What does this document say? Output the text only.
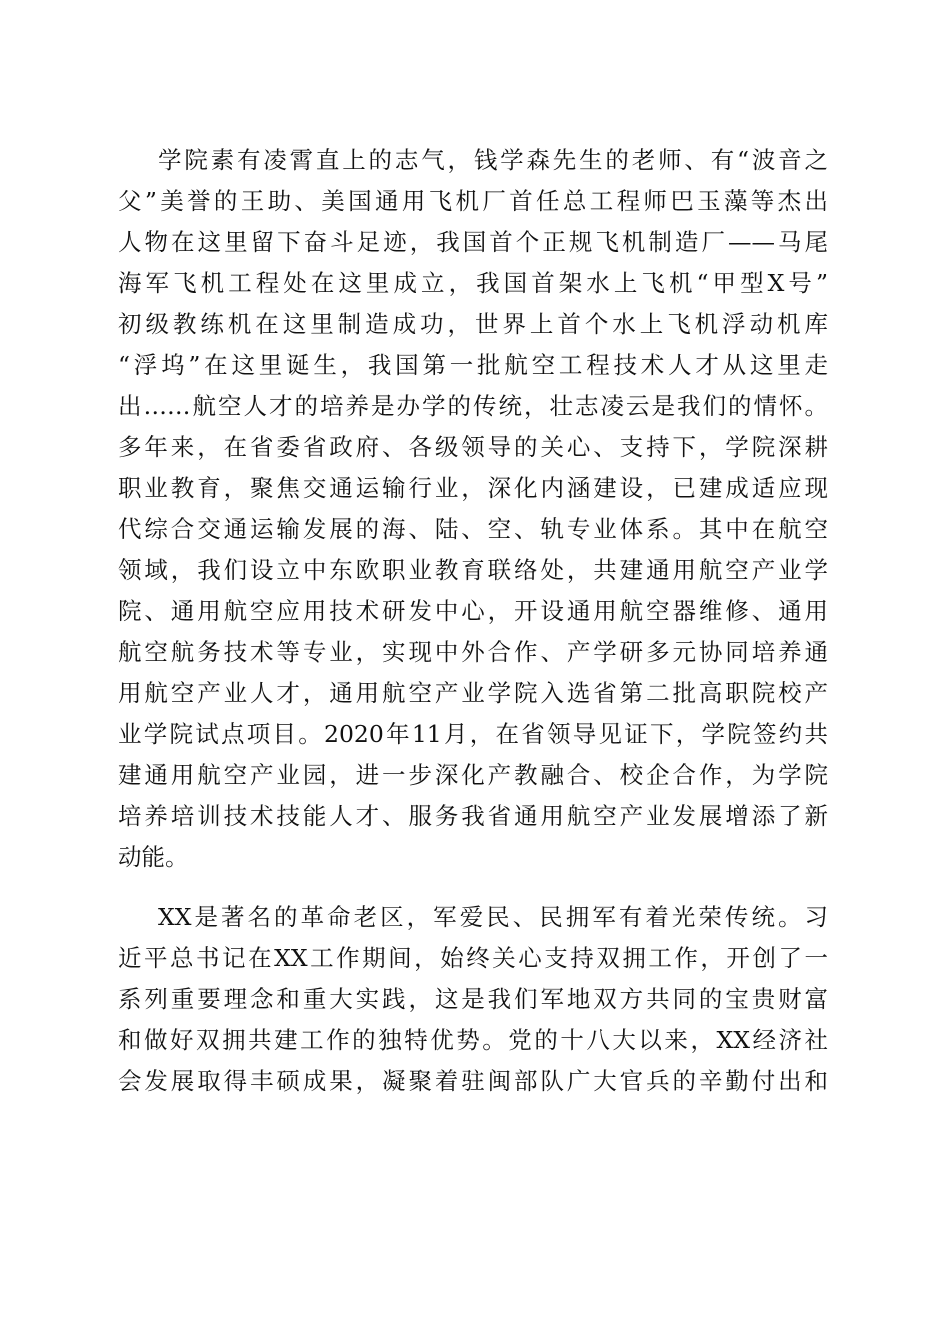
学院素有凌霄直上的志气，钱学森先生的老师、有“波音之
父”美誉的王助、美国通用飞机厂首任总工程师巴玉藻等杰出
人物在这里留下奋斗足迹，我国首个正规飞机制造厂——马尾
海军飞机工程处在这里成立，我国首架水上飞机“甲型X号”
初级教练机在这里制造成功，世界上首个水上飞机浮动机库
“浮坞”在这里诞生，我国第一批航空工程技术人才从这里走
出……航空人才的培养是办学的传统，壮志凌云是我们的情怀。
多年来，在省委省政府、各级领导的关心、支持下，学院深耕
职业教育，聚焦交通运输行业，深化内涵建设，已建成适应现
代综合交通运输发展的海、陆、空、轨专业体系。其中在航空
领域，我们设立中东欧职业教育联络处，共建通用航空产业学
院、通用航空应用技术研发中心，开设通用航空器维修、通用
航空航务技术等专业，实现中外合作、产学研多元协同培养通
用航空产业人才，通用航空产业学院入选省第二批高职院校产
业学院试点项目。2020年11月，在省领导见证下，学院签约共
建通用航空产业园，进一步深化产教融合、校企合作，为学院
培养培训技术技能人才、服务我省通用航空产业发展增添了新
动能。
XX是著名的革命老区，军爱民、民拥军有着光荣传统。习
近平总书记在XX工作期间，始终关心支持双拥工作，开创了一
系列重要理念和重大实践，这是我们军地双方共同的宝贵财富
和做好双拥共建工作的独特优势。党的十八大以来，XX经济社
会发展取得丰硕成果，凝聚着驻闽部队广大官兵的辛勤付出和
